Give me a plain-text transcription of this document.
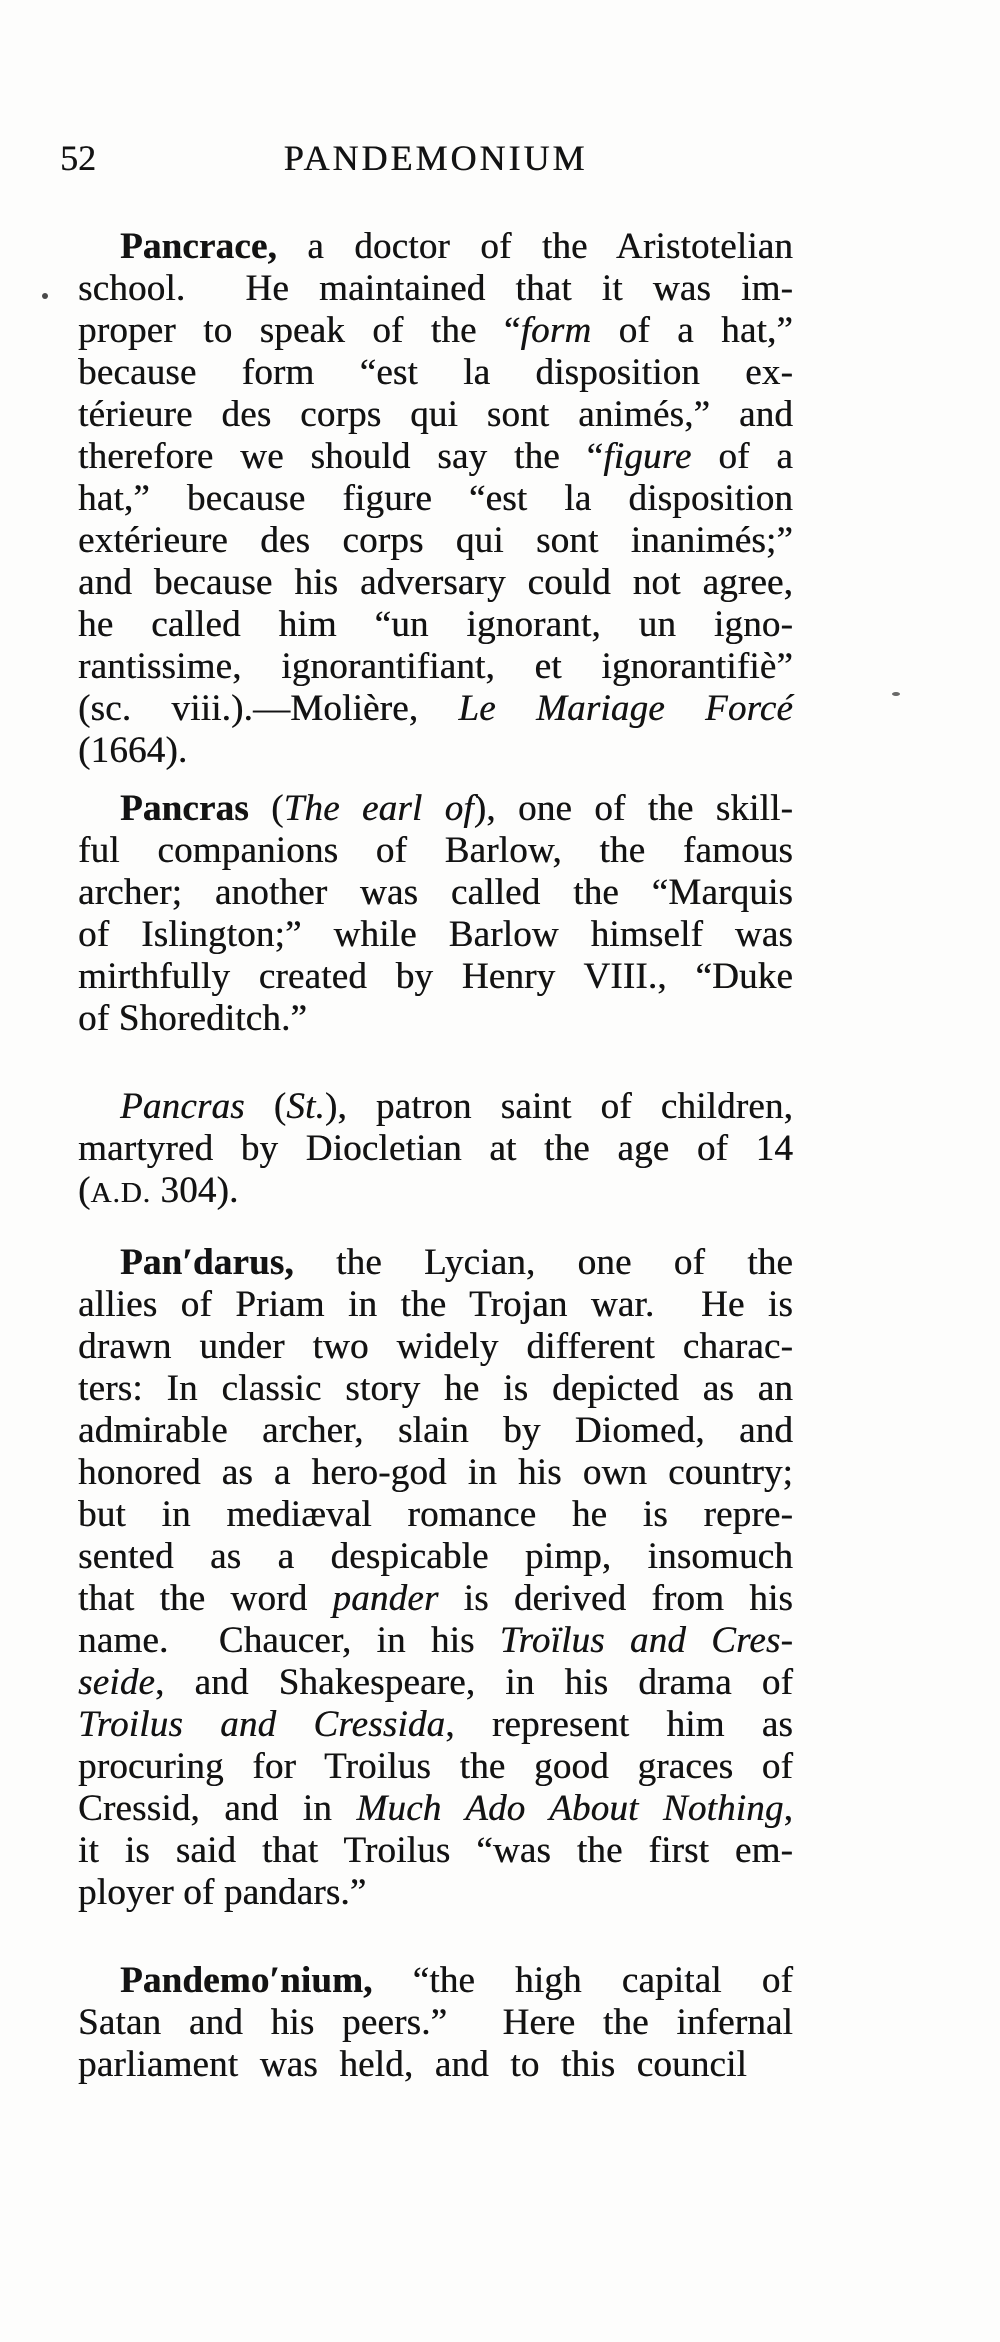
52	PANDEMONIUM
Pancrace, a doctor of the Aristotelian
school.  He maintained that it was im-
proper to speak of the “form of a hat,”
because form “est la disposition ex-
térieure des corps qui sont animés,” and
therefore we should say the “figure of a
hat,” because figure “est la disposition
extérieure des corps qui sont inanimés;”
and because his adversary could not agree,
he called him “un ignorant, un igno-
rantissime, ignorantifiant, et ignorantifiè”
(sc. viii.).—Molière, Le Mariage Forcé
(1664).
Pancras (The earl of), one of the skill-
ful companions of Barlow, the famous
archer; another was called the “Marquis
of Islington;” while Barlow himself was
mirthfully created by Henry VIII., “Duke
of Shoreditch.”
Pancras (St.), patron saint of children,
martyred by Diocletian at the age of 14
(A.D. 304).
Pan′darus, the Lycian, one of the
allies of Priam in the Trojan war.  He is
drawn under two widely different charac-
ters: In classic story he is depicted as an
admirable archer, slain by Diomed, and
honored as a hero-god in his own country;
but in mediæval romance he is repre-
sented as a despicable pimp, insomuch
that the word pander is derived from his
name.  Chaucer, in his Troïlus and Cres-
seide, and Shakespeare, in his drama of
Troilus and Cressida, represent him as
procuring for Troilus the good graces of
Cressid, and in Much Ado About Nothing,
it is said that Troilus “was the first em-
ployer of pandars.”
Pandemo′nium, “the high capital of
Satan and his peers.”  Here the infernal
parliament was held, and to this council
